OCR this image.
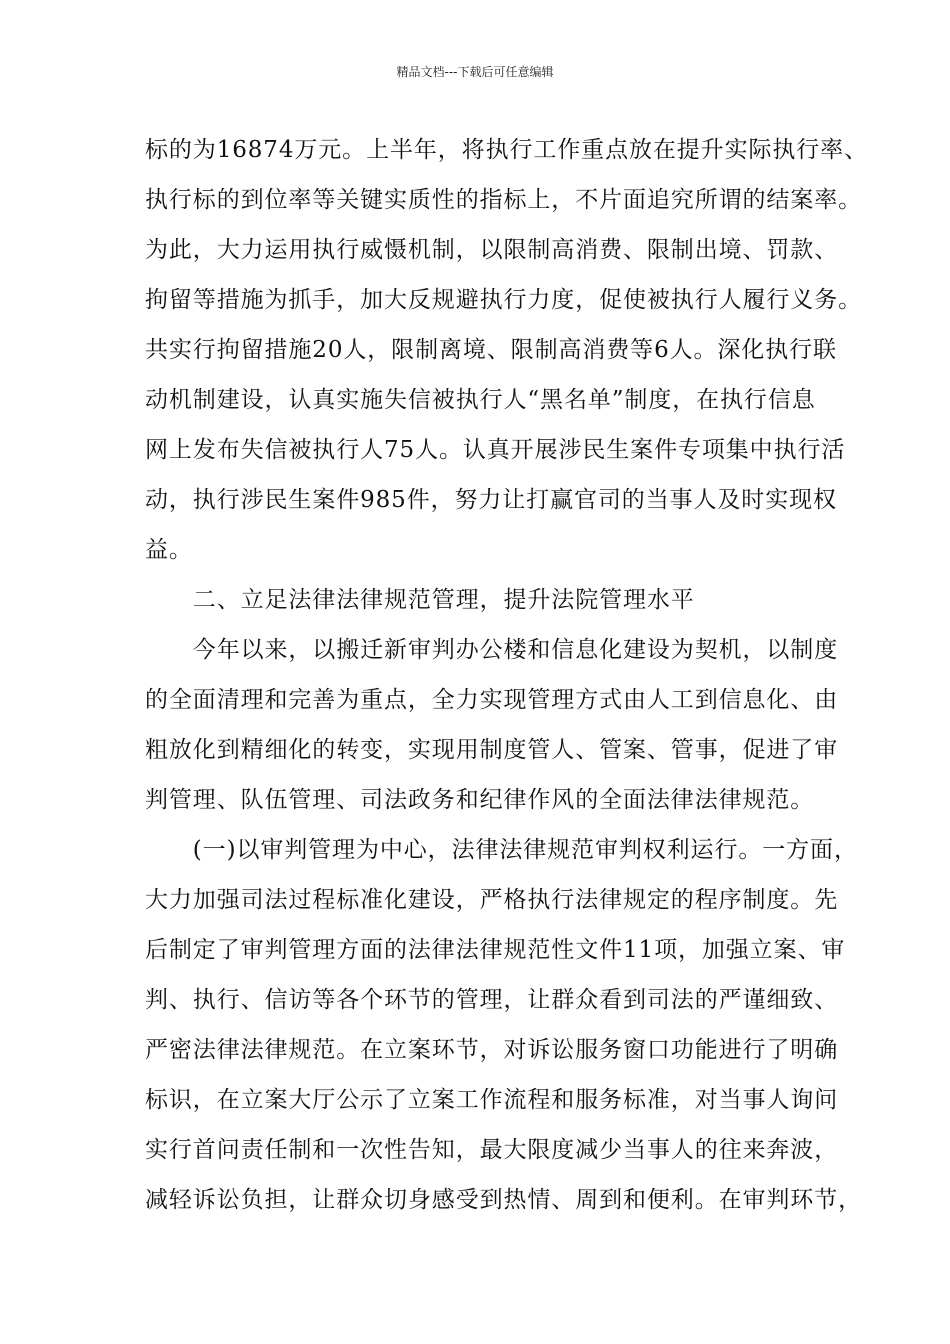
精品文档---下载后可任意编辑
标的为16874万元。上半年，将执行工作重点放在提升实际执行率、
执行标的到位率等关键实质性的指标上，不片面追究所谓的结案率。
为此，大力运用执行威慑机制，以限制高消费、限制出境、罚款、
拘留等措施为抓手，加大反规避执行力度，促使被执行人履行义务。
共实行拘留措施20人，限制离境、限制高消费等6人。深化执行联
动机制建设，认真实施失信被执行人“黑名单”制度，在执行信息
网上发布失信被执行人75人。认真开展涉民生案件专项集中执行活
动，执行涉民生案件985件，努力让打赢官司的当事人及时实现权
益。
　　二、立足法律法律规范管理，提升法院管理水平
　　今年以来，以搬迁新审判办公楼和信息化建设为契机，以制度
的全面清理和完善为重点，全力实现管理方式由人工到信息化、由
粗放化到精细化的转变，实现用制度管人、管案、管事，促进了审
判管理、队伍管理、司法政务和纪律作风的全面法律法律规范。
　　(一)以审判管理为中心，法律法律规范审判权利运行。一方面，
大力加强司法过程标准化建设，严格执行法律规定的程序制度。先
后制定了审判管理方面的法律法律规范性文件11项，加强立案、审
判、执行、信访等各个环节的管理，让群众看到司法的严谨细致、
严密法律法律规范。在立案环节，对诉讼服务窗口功能进行了明确
标识，在立案大厅公示了立案工作流程和服务标准，对当事人询问
实行首问责任制和一次性告知，最大限度减少当事人的往来奔波，
减轻诉讼负担，让群众切身感受到热情、周到和便利。在审判环节，
